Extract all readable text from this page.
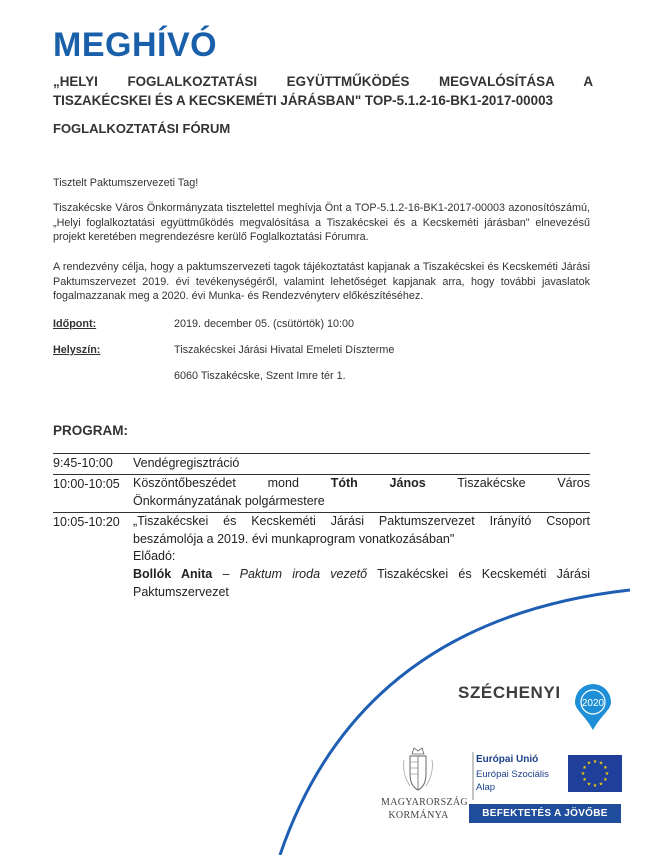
MEGHÍVÓ
„HELYI FOGLALKOZTATÁSI EGYÜTTMŰKÖDÉS MEGVALÓSÍTÁSA A
TISZAKÉCSKEI ÉS A KECSKEMÉTI JÁRÁSBAN" TOP-5.1.2-16-BK1-2017-00003
FOGLALKOZTATÁSI FÓRUM
Tisztelt Paktumszervezeti Tag!
Tiszakécske Város Önkormányzata tisztelettel meghívja Önt a TOP-5.1.2-16-BK1-2017-00003 azonosítószámú, „Helyi foglalkoztatási együttműködés megvalósítása a Tiszakécskei és a Kecskeméti járásban" elnevezésű projekt keretében megrendezésre kerülő Foglalkoztatási Fórumra.
A rendezvény célja, hogy a paktumszervezeti tagok tájékoztatást kapjanak a Tiszakécskei és Kecskeméti Járási Paktumszervezet 2019. évi tevékenységéről, valamint lehetőséget kapjanak arra, hogy további javaslatok fogalmazzanak meg a 2020. évi Munka- és Rendezvényterv előkészítéséhez.
Időpont:	2019. december 05. (csütörtök) 10:00
Helyszín:	Tiszakécskei Járási Hivatal Emeleti Díszterme
6060 Tiszakécske, Szent Imre tér 1.
PROGRAM:
9:45-10:00 Vendégregisztráció
10:00-10:05 Köszöntőbeszédet mond Tóth János Tiszakécske Város
Önkormányzatának polgármestere
10:05-10:20 „Tiszakécskei és Kecskeméti Járási Paktumszervezet Irányító Csoport
beszámolója a 2019. évi munkaprogram vonatkozásában"
Előadó:
Bollók Anita – Paktum iroda vezető Tiszakécskei és Kecskeméti Járási
Paktumszervezet
SZÉCHENYI
2020
MAGYARORSZÁG
KORMÁNYA
Európai Unió
Európai Szociális
Alap
★ ★
★
★
★
★
★
★
★
★
★
★
BEFEKTETÉS A JÖVŐBE
